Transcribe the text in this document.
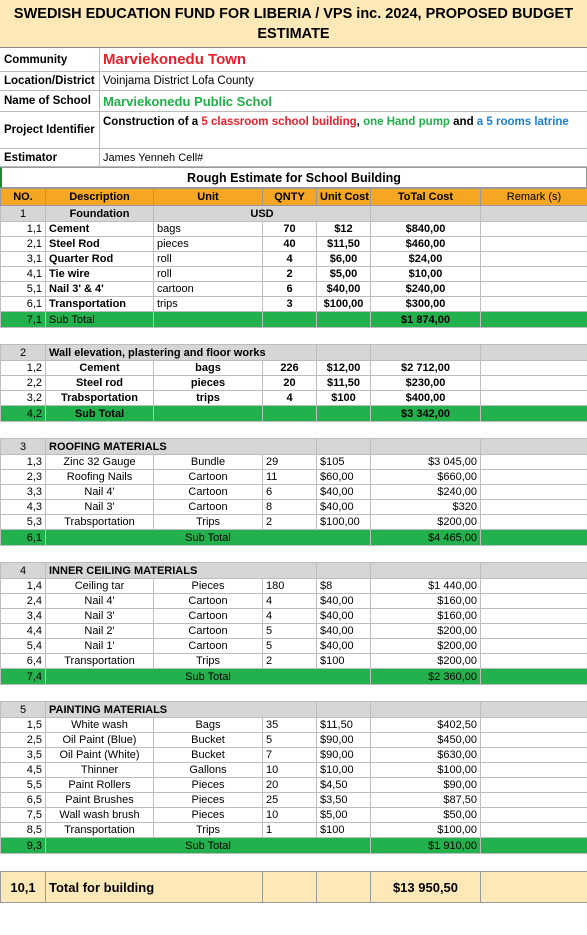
SWEDISH EDUCATION FUND FOR LIBERIA / VPS inc. 2024, PROPOSED BUDGET ESTIMATE
Community	Marviekonedu Town
Location/District Voinjama District Lofa County
Name of School Marviekonedu Public Schol
Project Identifier
Construction of a 5 classroom school building, one Hand pump and a 5 rooms latrine
Estimator	James Yenneh Cell#
Rough Estimate for School Building
NO.	Description	Unit	QNTY	Unit Cost	ToTal Cost	Remark (s)
1	Foundation	USD				
1,1	Cement	bags	70	$12	$840,00	
2,1	Steel Rod	pieces	40	$11,50	$460,00	
3,1	Quarter Rod	roll	4	$6,00	$24,00	
4,1	Tie wire	roll	2	$5,00	$10,00	
5,1	Nail 3' & 4'	cartoon	6	$40,00	$240,00	
6,1	Transportation	trips	3	$100,00	$300,00	
7,1	Sub Total				$1 874,00	

2	Wall elevation, plastering and floor works					
1,2	Cement	bags	226	$12,00	$2 712,00	
2,2	Steel rod	pieces	20	$11,50	$230,00	
3,2	Trabsportation	trips	4	$100	$400,00	
4,2	Sub Total				$3 342,00	

3	ROOFING MATERIALS					
1,3	Zinc 32 Gauge	Bundle	29	$105	$3 045,00	
2,3	Roofing Nails	Cartoon	11	$60,00	$660,00	
3,3	Nail 4'	Cartoon	6	$40,00	$240,00	
4,3	Nail 3'	Cartoon	8	$40,00	$320	
5,3	Trabsportation	Trips	2	$100,00	$200,00	
6,1	Sub Total				$4 465,00	

4	INNER CEILING MATERIALS					
1,4	Ceiling tar	Pieces	180	$8	$1 440,00	
2,4	Nail 4'	Cartoon	4	$40,00	$160,00	
3,4	Nail 3'	Cartoon	4	$40,00	$160,00	
4,4	Nail 2'	Cartoon	5	$40,00	$200,00	
5,4	Nail 1'	Cartoon	5	$40,00	$200,00	
6,4	Transportation	Trips	2	$100	$200,00	
7,4	Sub Total				$2 360,00	

5	PAINTING MATERIALS					
1,5	White wash	Bags	35	$11,50	$402,50	
2,5	Oil Paint (Blue)	Bucket	5	$90,00	$450,00	
3,5	Oil Paint (White)	Bucket	7	$90,00	$630,00	
4,5	Thinner	Gallons	10	$10,00	$100,00	
5,5	Paint Rollers	Pieces	20	$4,50	$90,00	
6,5	Paint Brushes	Pieces	25	$3,50	$87,50	
7,5	Wall wash brush	Pieces	10	$5,00	$50,00	
8,5	Transportation	Trips	1	$100	$100,00	
9,3	Sub Total				$1 910,00	

10,1	Total for building				$13 950,50	
